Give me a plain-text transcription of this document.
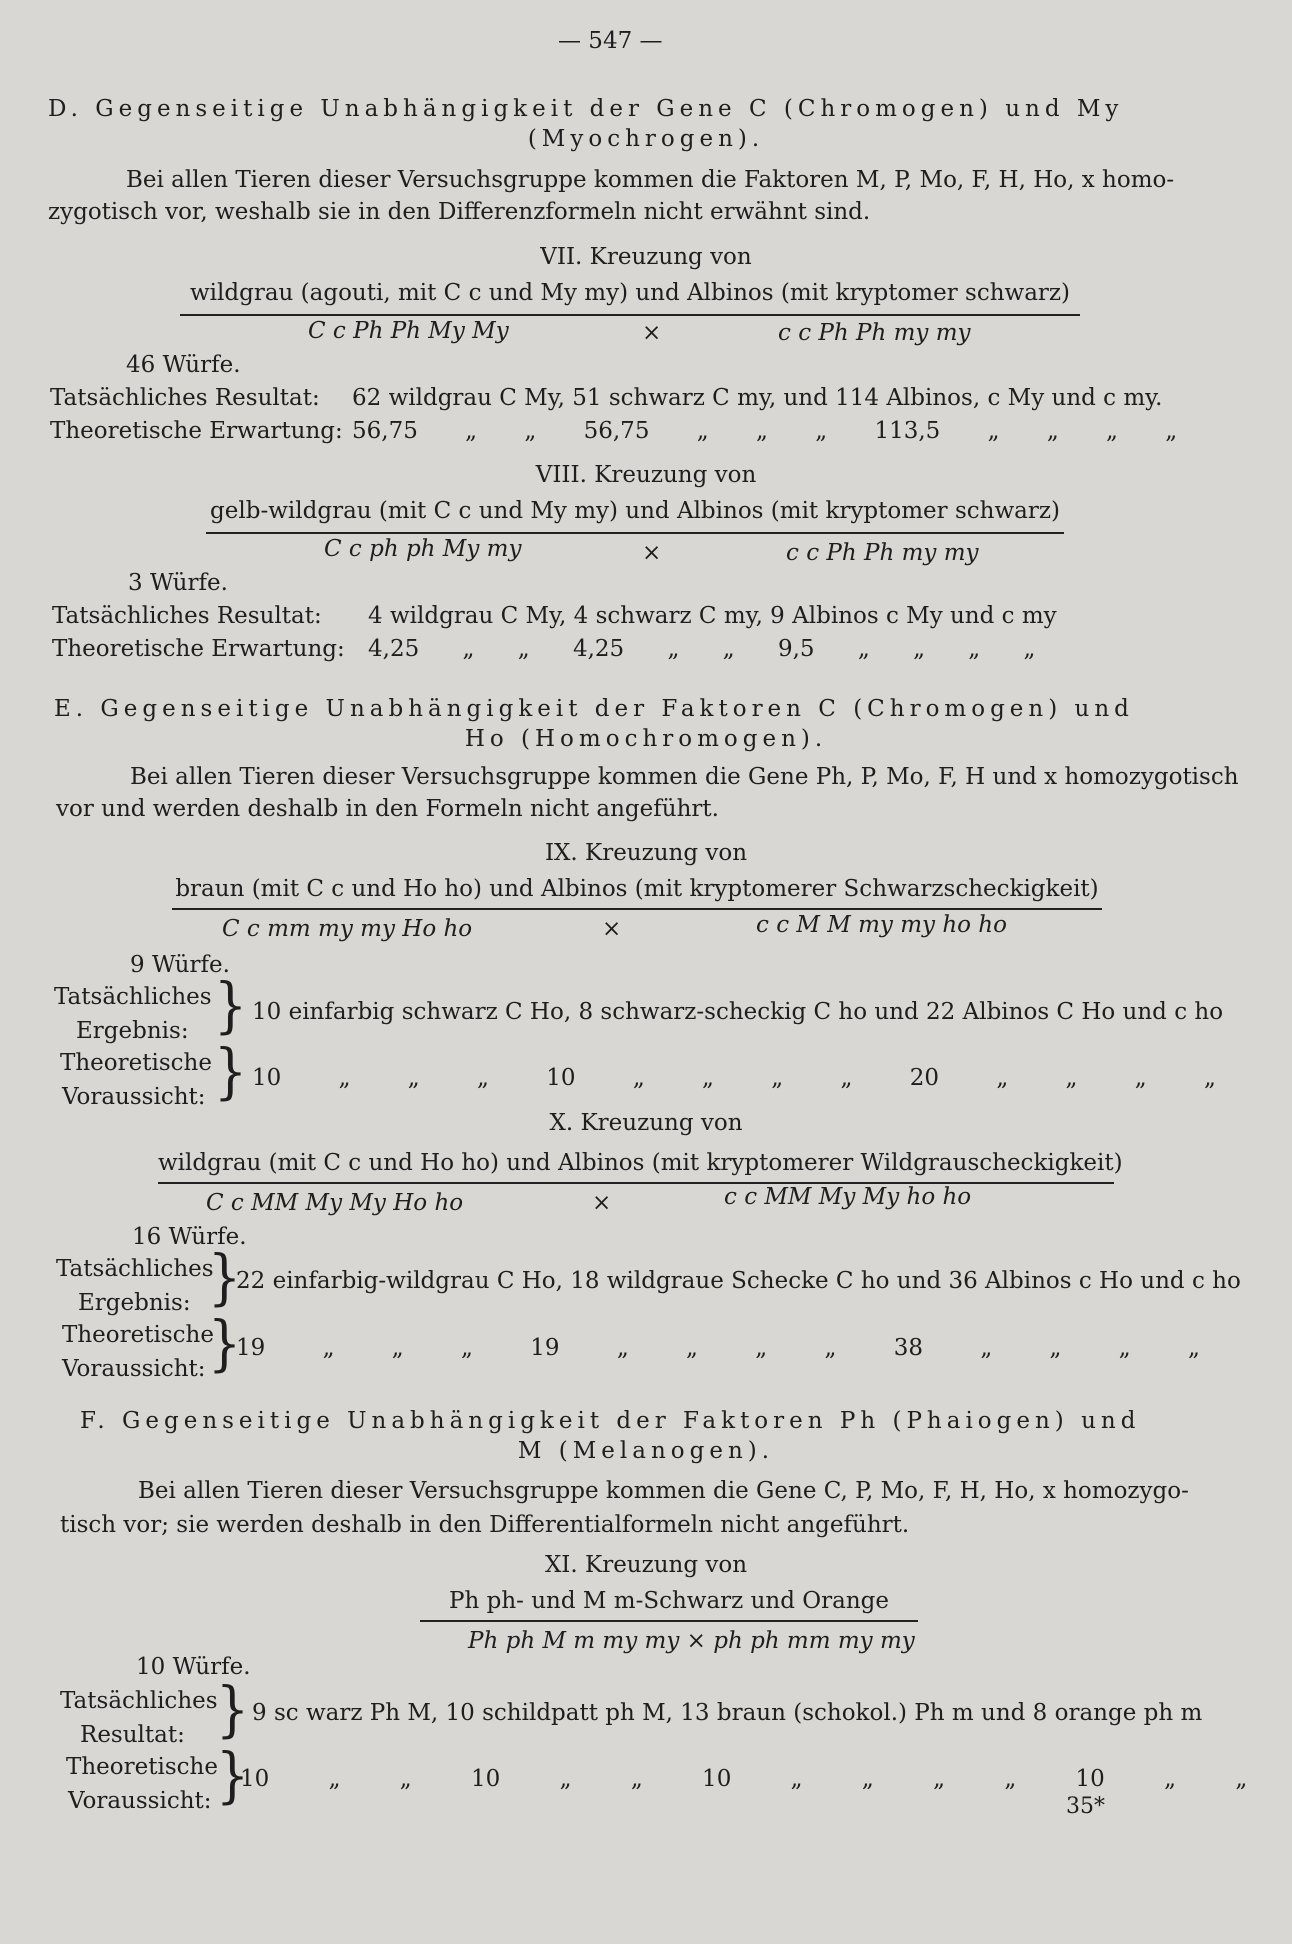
— 547 —
D. Gegenseitige Unabhängigkeit der Gene C (Chromogen) und My
(Myochrogen).
Bei allen Tieren dieser Versuchsgruppe kommen die Faktoren M, P, Mo, F, H, Ho, x homo-
zygotisch vor, weshalb sie in den Differenzformeln nicht erwähnt sind.
VII. Kreuzung von
wildgrau (agouti, mit C c und My my) und Albinos (mit kryptomer schwarz)
C c Ph Ph My My	×	c c Ph Ph my my
46 Würfe.
Tatsächliches Resultat: 62 wildgrau C My, 51 schwarz C my, und 114 Albinos, c My und c my.
Theoretische Erwartung: 56,75 „ „ 56,75 „ „ „ 113,5 „ „ „ „
VIII. Kreuzung von
gelb-wildgrau (mit C c und My my) und Albinos (mit kryptomer schwarz)
C c ph ph My my	×	c c Ph Ph my my
3 Würfe.
Tatsächliches Resultat: 4 wildgrau C My, 4 schwarz C my, 9 Albinos c My und c my
Theoretische Erwartung: 4,25 „ „ 4,25 „ „ 9,5 „ „ „ „
E. Gegenseitige Unabhängigkeit der Faktoren C (Chromogen) und
Ho (Homochromogen).
Bei allen Tieren dieser Versuchsgruppe kommen die Gene Ph, P, Mo, F, H und x homozygotisch
vor und werden deshalb in den Formeln nicht angeführt.
IX. Kreuzung von
braun (mit C c und Ho ho) und Albinos (mit kryptomerer Schwarzscheckigkeit)
C c mm my my Ho ho	×	c c M M my my ho ho
9 Würfe.
Tatsächliches
Ergebnis: } 10 einfarbig schwarz C Ho, 8 schwarz-scheckig C ho und 22 Albinos C Ho und c ho
Theoretische
Voraussicht: } 10 „ „ „ 10 „ „ „ „ 20 „ „ „ „
X. Kreuzung von
wildgrau (mit C c und Ho ho) und Albinos (mit kryptomerer Wildgrauscheckigkeit)
C c MM My My Ho ho	×	c c MM My My ho ho
16 Würfe.
Tatsächliches
Ergebnis: }
22 einfarbig-wildgrau C Ho, 18 wildgraue Schecke C ho und 36 Albinos c Ho und c ho
Theoretische
Voraussicht: }
19 „ „ „ 19 „ „ „ „ 38 „ „ „ „
F. Gegenseitige Unabhängigkeit der Faktoren Ph (Phaiogen) und
M (Melanogen).
Bei allen Tieren dieser Versuchsgruppe kommen die Gene C, P, Mo, F, H, Ho, x homozygo-
tisch vor; sie werden deshalb in den Differentialformeln nicht angeführt.
XI. Kreuzung von
Ph ph- und M m-Schwarz und Orange
Ph ph M m my my × ph ph mm my my
10 Würfe.
Tatsächliches
Resultat: } 9 sc warz Ph M, 10 schildpatt ph M, 13 braun (schokol.) Ph m und 8 orange ph m
Theoretische
Voraussicht: }
10 „ „ 10 „ „ 10 „ „ „ „ 10 „ „
35*
